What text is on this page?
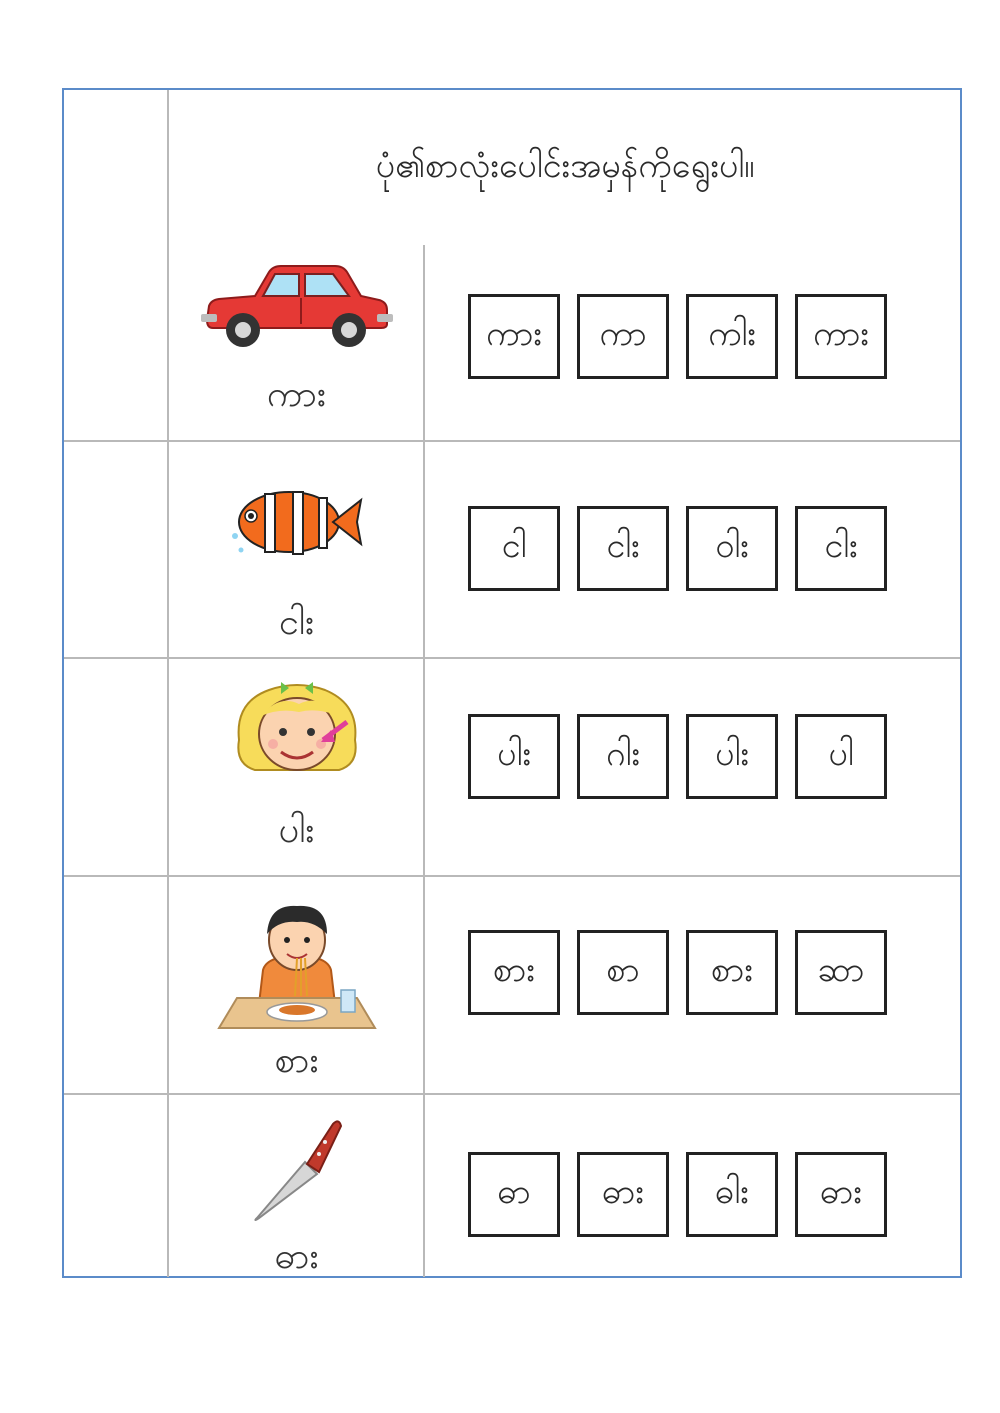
ပုံ၏စာလုံးပေါင်းအမှန်ကိုရွေးပါ။
ကား
ကား	ကာ	ကါး	ကား
ငါး
ငါ	ငါး	ဝါး	ငါး
ပါး
ပါး	ဂါး	ပါး	ပါ
စား
စား	စာ	စား	ဆာ
ဓား
ဓာ	ဓား	ဓါး	ဓား
